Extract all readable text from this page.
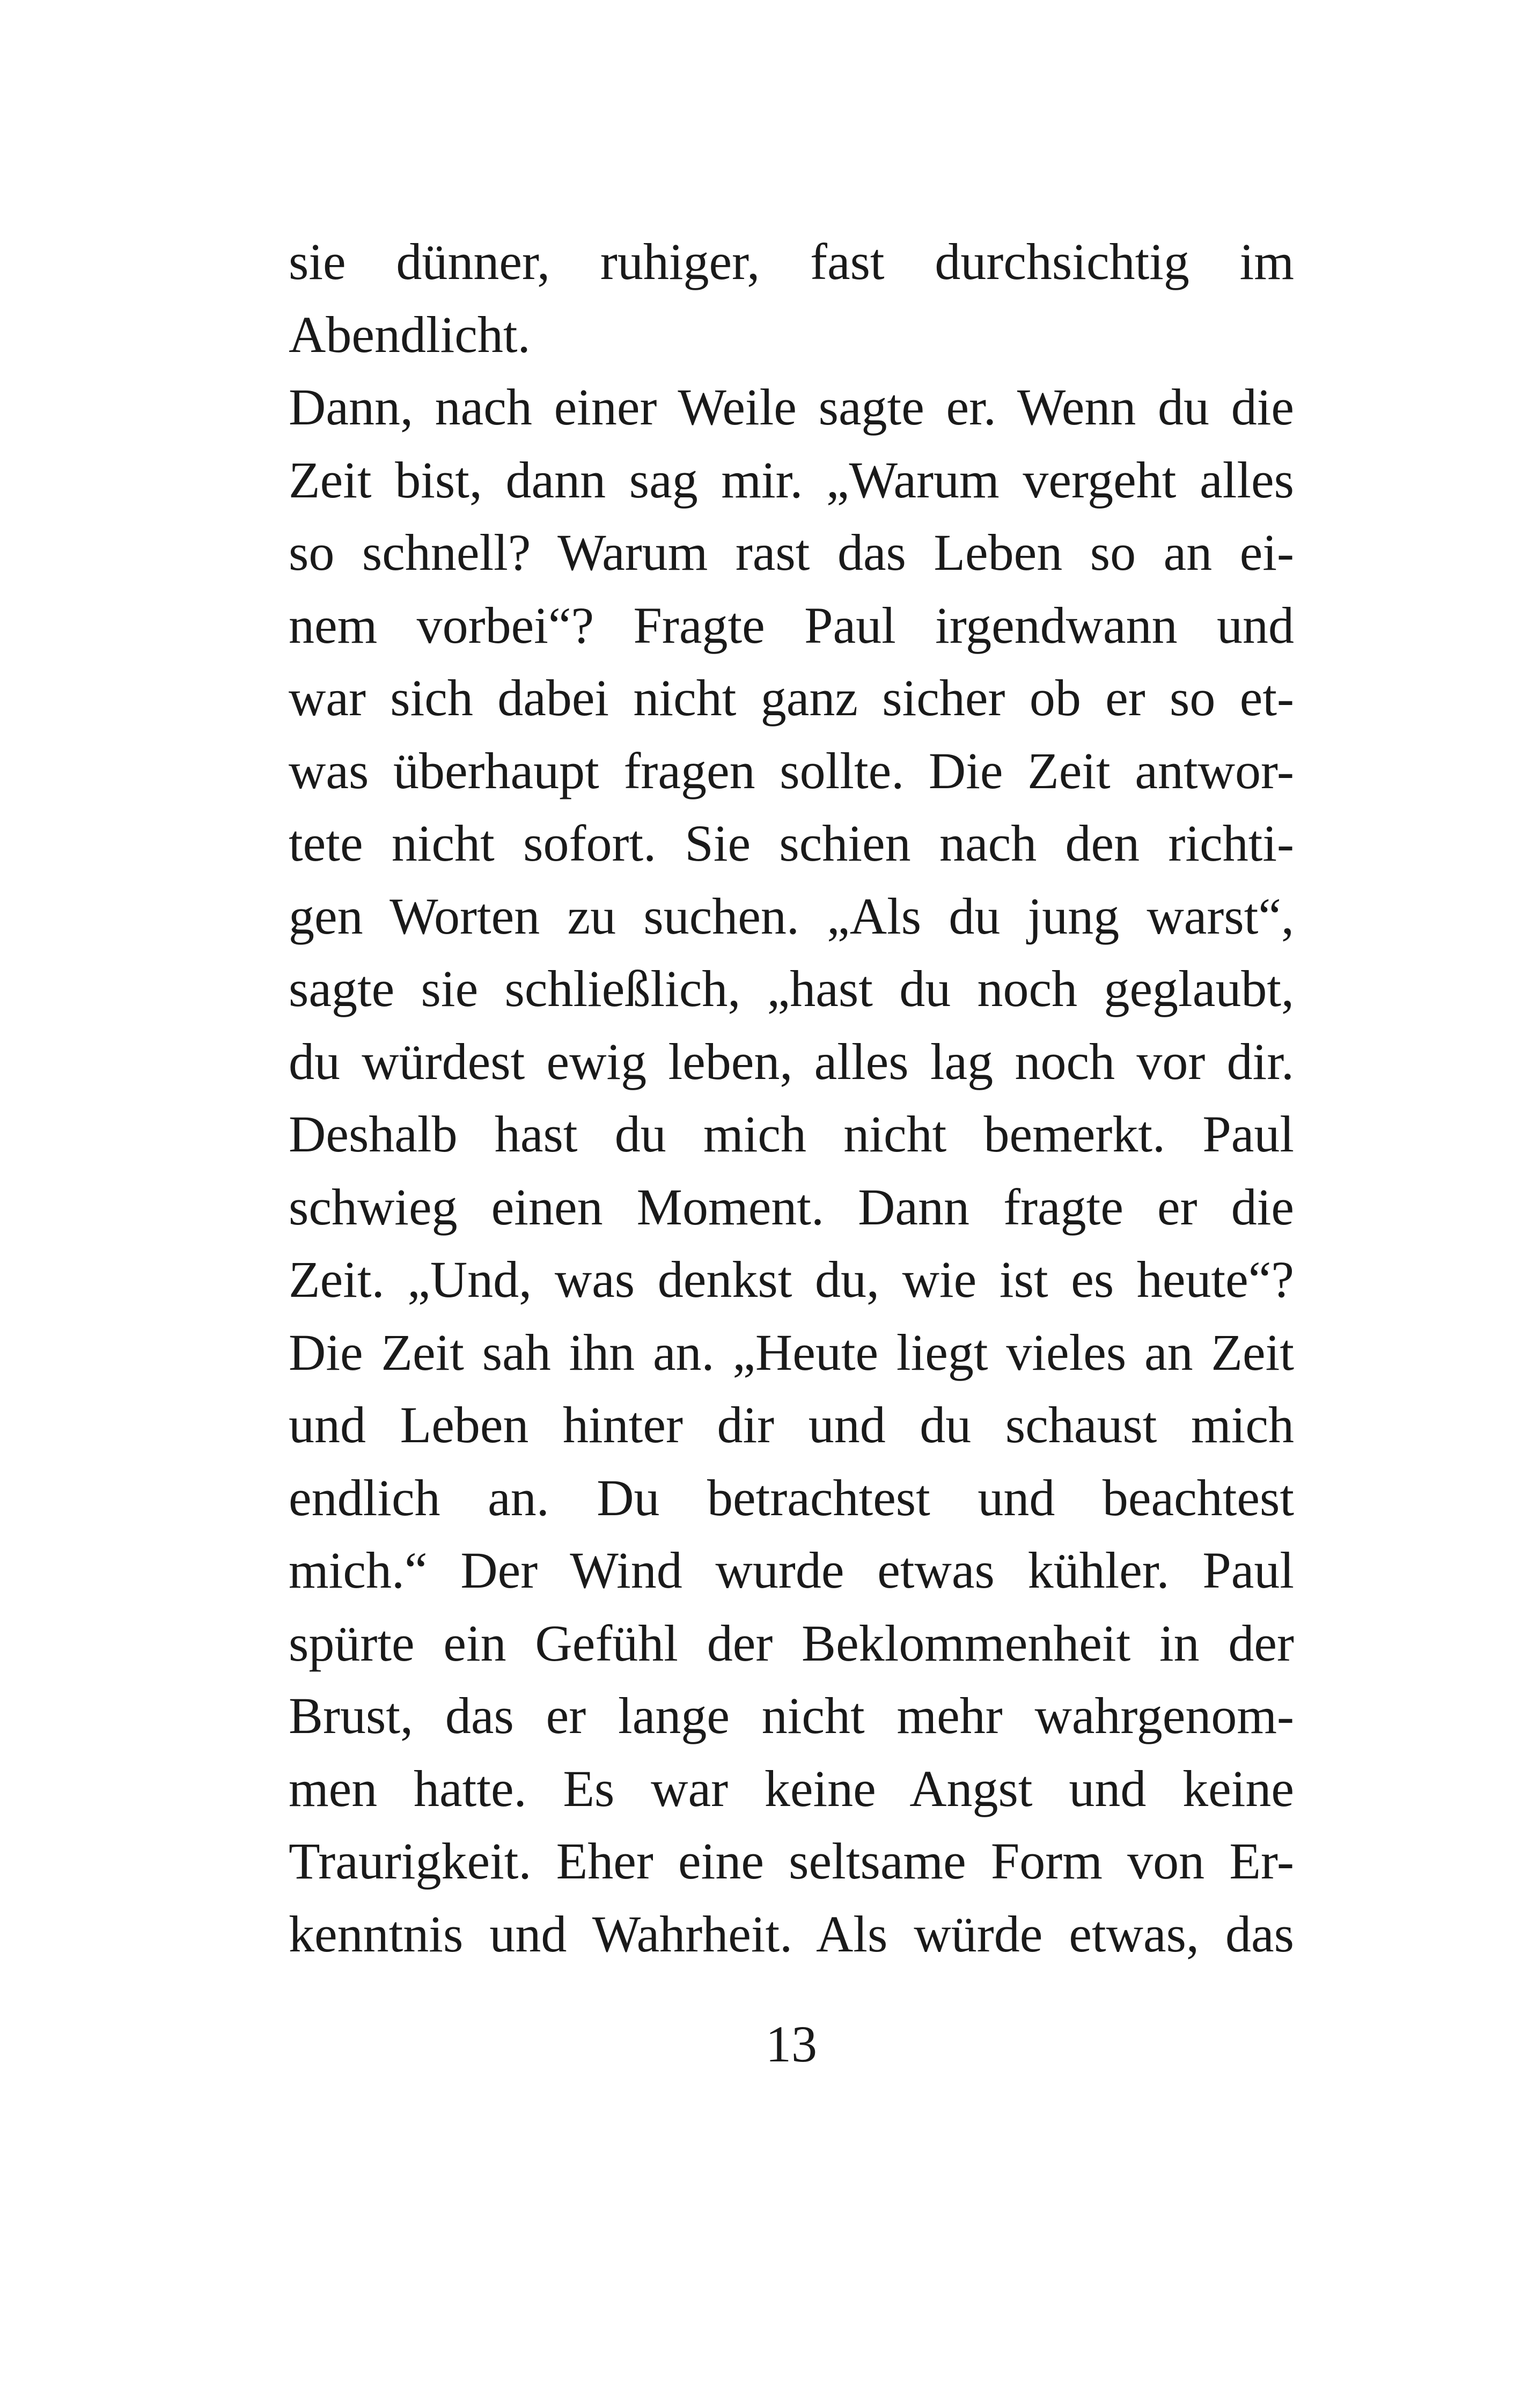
sie dünner, ruhiger, fast durchsichtig im
Abendlicht.
Dann, nach einer Weile sagte er. Wenn du die
Zeit bist, dann sag mir. „Warum vergeht alles
so schnell? Warum rast das Leben so an ei-
nem vorbei“? Fragte Paul irgendwann und
war sich dabei nicht ganz sicher ob er so et-
was überhaupt fragen sollte. Die Zeit antwor-
tete nicht sofort. Sie schien nach den richti-
gen Worten zu suchen. „Als du jung warst“,
sagte sie schließlich, „hast du noch geglaubt,
du würdest ewig leben, alles lag noch vor dir.
Deshalb hast du mich nicht bemerkt. Paul
schwieg einen Moment. Dann fragte er die
Zeit. „Und, was denkst du, wie ist es heute“?
Die Zeit sah ihn an. „Heute liegt vieles an Zeit
und Leben hinter dir und du schaust mich
endlich an. Du betrachtest und beachtest
mich.“ Der Wind wurde etwas kühler. Paul
spürte ein Gefühl der Beklommenheit in der
Brust, das er lange nicht mehr wahrgenom-
men hatte. Es war keine Angst und keine
Traurigkeit. Eher eine seltsame Form von Er-
kenntnis und Wahrheit. Als würde etwas, das
13
